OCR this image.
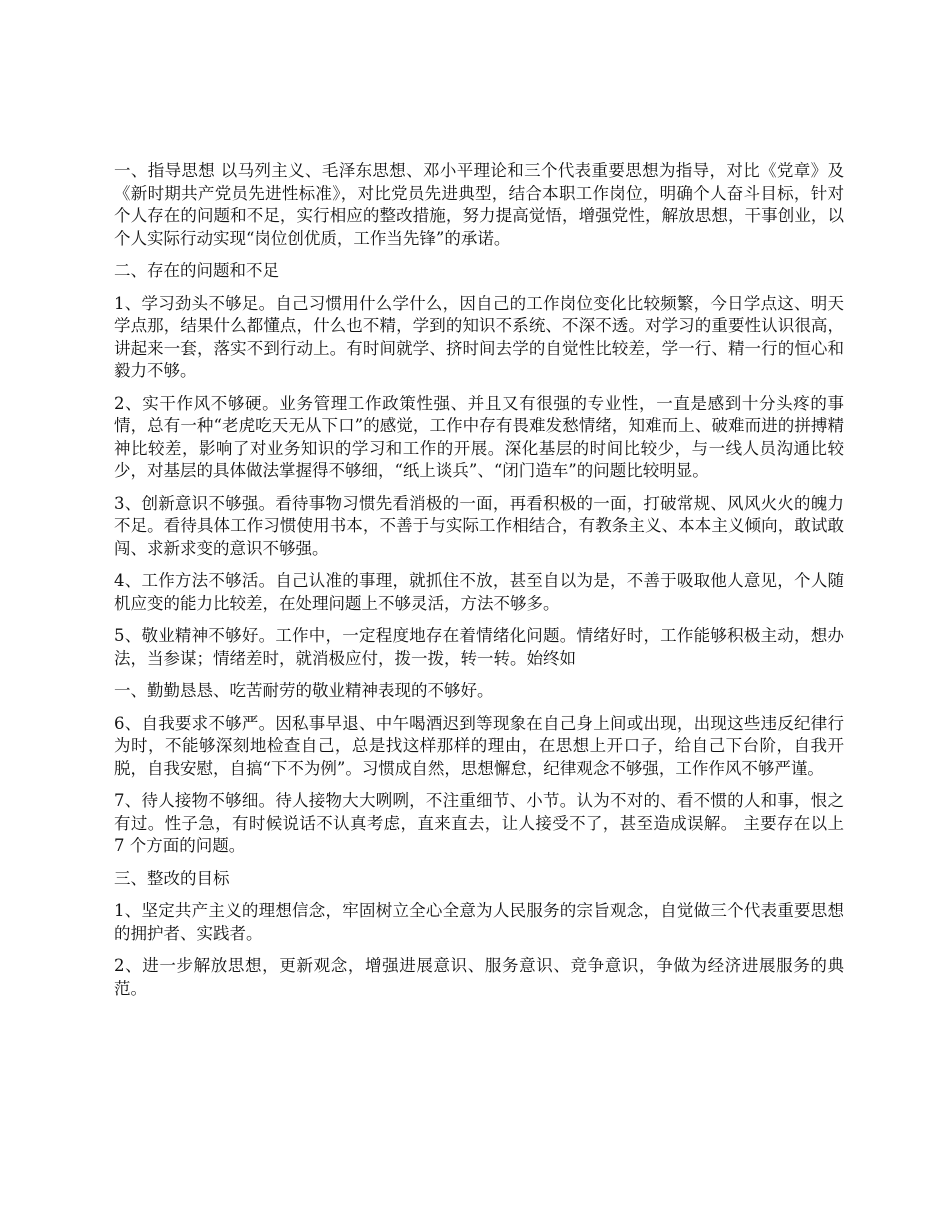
一、指导思想 以马列主义、毛泽东思想、邓小平理论和三个代表重要思想为指导，对比《党章》及《新时期共产党员先进性标准》，对比党员先进典型，结合本职工作岗位，明确个人奋斗目标，针对个人存在的问题和不足，实行相应的整改措施，努力提高觉悟，增强党性，解放思想，干事创业，以个人实际行动实现“岗位创优质，工作当先锋”的承诺。

二、存在的问题和不足

1、学习劲头不够足。自己习惯用什么学什么，因自己的工作岗位变化比较频繁，今日学点这、明天学点那，结果什么都懂点，什么也不精，学到的知识不系统、不深不透。对学习的重要性认识很高，讲起来一套，落实不到行动上。有时间就学、挤时间去学的自觉性比较差，学一行、精一行的恒心和毅力不够。

2、实干作风不够硬。业务管理工作政策性强、并且又有很强的专业性，一直是感到十分头疼的事情，总有一种“老虎吃天无从下口”的感觉，工作中存有畏难发愁情绪，知难而上、破难而进的拼搏精神比较差，影响了对业务知识的学习和工作的开展。深化基层的时间比较少，与一线人员沟通比较少，对基层的具体做法掌握得不够细，“纸上谈兵”、“闭门造车”的问题比较明显。

3、创新意识不够强。看待事物习惯先看消极的一面，再看积极的一面，打破常规、风风火火的魄力不足。看待具体工作习惯使用书本，不善于与实际工作相结合，有教条主义、本本主义倾向，敢试敢闯、求新求变的意识不够强。

4、工作方法不够活。自己认准的事理，就抓住不放，甚至自以为是，不善于吸取他人意见，个人随机应变的能力比较差，在处理问题上不够灵活，方法不够多。

5、敬业精神不够好。工作中，一定程度地存在着情绪化问题。情绪好时，工作能够积极主动，想办法，当参谋；情绪差时，就消极应付，拨一拨，转一转。始终如

一、勤勤恳恳、吃苦耐劳的敬业精神表现的不够好。

6、自我要求不够严。因私事早退、中午喝酒迟到等现象在自己身上间或出现，出现这些违反纪律行为时，不能够深刻地检查自己，总是找这样那样的理由，在思想上开口子，给自己下台阶，自我开脱，自我安慰，自搞“下不为例”。习惯成自然，思想懈怠，纪律观念不够强，工作作风不够严谨。

7、待人接物不够细。待人接物大大咧咧，不注重细节、小节。认为不对的、看不惯的人和事，恨之有过。性子急，有时候说话不认真考虑，直来直去，让人接受不了，甚至造成误解。 主要存在以上 7 个方面的问题。

三、整改的目标

1、坚定共产主义的理想信念，牢固树立全心全意为人民服务的宗旨观念，自觉做三个代表重要思想的拥护者、实践者。

2、进一步解放思想，更新观念，增强进展意识、服务意识、竞争意识，争做为经济进展服务的典范。
